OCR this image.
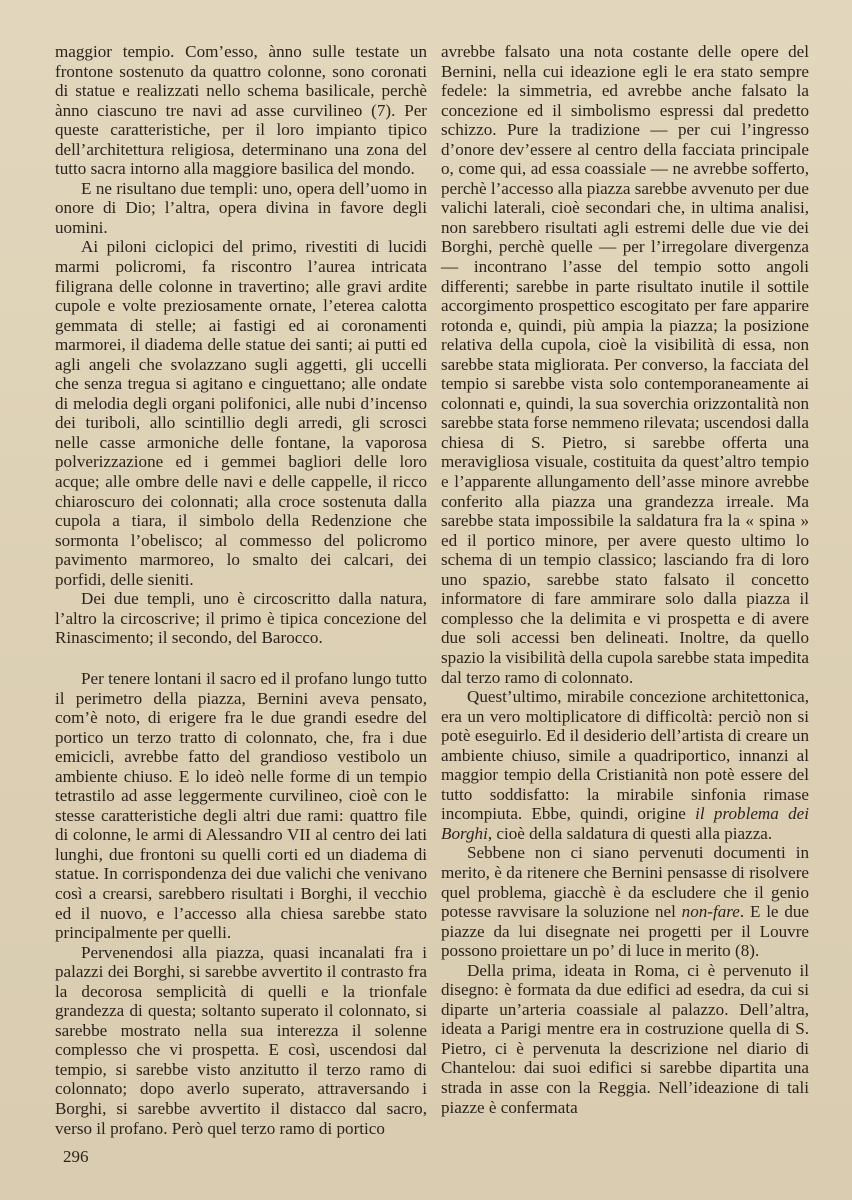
maggior tempio. Com’esso, ànno sulle testate un frontone sostenuto da quattro colonne, sono coronati di statue e realizzati nello schema basilicale, perchè ànno ciascuno tre navi ad asse curvilineo (7). Per queste caratteristiche, per il loro impianto tipico dell’architettura religiosa, determinano una zona del tutto sacra intorno alla maggiore basilica del mondo.

E ne risultano due templi: uno, opera dell’uomo in onore di Dio; l’altra, opera divina in favore degli uomini.

Ai piloni ciclopici del primo, rivestiti di lucidi marmi policromi, fa riscontro l’aurea intricata filigrana delle colonne in travertino; alle gravi ardite cupole e volte preziosamente ornate, l’eterea calotta gemmata di stelle; ai fastigi ed ai coronamenti marmorei, il diadema delle statue dei santi; ai putti ed agli angeli che svolazzano sugli aggetti, gli uccelli che senza tregua si agitano e cinguettano; alle ondate di melodia degli organi polifonici, alle nubi d’incenso dei turiboli, allo scintillio degli arredi, gli scrosci nelle casse armoniche delle fontane, la vaporosa polverizzazione ed i gemmei bagliori delle loro acque; alle ombre delle navi e delle cappelle, il ricco chiaroscuro dei colonnati; alla croce sostenuta dalla cupola a tiara, il simbolo della Redenzione che sormonta l’obelisco; al commesso del policromo pavimento marmoreo, lo smalto dei calcari, dei porfidi, delle sieniti.

Dei due templi, uno è circoscritto dalla natura, l’altro la circoscrive; il primo è tipica concezione del Rinascimento; il secondo, del Barocco.

Per tenere lontani il sacro ed il profano lungo tutto il perimetro della piazza, Bernini aveva pensato, com’è noto, di erigere fra le due grandi esedre del portico un terzo tratto di colonnato, che, fra i due emicicli, avrebbe fatto del grandioso vestibolo un ambiente chiuso. E lo ideò nelle forme di un tempio tetrastilo ad asse leggermente curvilineo, cioè con le stesse caratteristiche degli altri due rami: quattro file di colonne, le armi di Alessandro VII al centro dei lati lunghi, due frontoni su quelli corti ed un diadema di statue. In corrispondenza dei due valichi che venivano così a crearsi, sarebbero risultati i Borghi, il vecchio ed il nuovo, e l’accesso alla chiesa sarebbe stato principalmente per quelli.

Pervenendosi alla piazza, quasi incanalati fra i palazzi dei Borghi, si sarebbe avvertito il contrasto fra la decorosa semplicità di quelli e la trionfale grandezza di questa; soltanto superato il colonnato, si sarebbe mostrato nella sua interezza il solenne complesso che vi prospetta. E così, uscendosi dal tempio, si sarebbe visto anzitutto il terzo ramo di colonnato; dopo averlo superato, attraversando i Borghi, si sarebbe avvertito il distacco dal sacro, verso il profano. Però quel terzo ramo di portico

avrebbe falsato una nota costante delle opere del Bernini, nella cui ideazione egli le era stato sempre fedele: la simmetria, ed avrebbe anche falsato la concezione ed il simbolismo espressi dal predetto schizzo. Pure la tradizione — per cui l’ingresso d’onore dev’essere al centro della facciata principale o, come qui, ad essa coassiale — ne avrebbe sofferto, perchè l’accesso alla piazza sarebbe avvenuto per due valichi laterali, cioè secondari che, in ultima analisi, non sarebbero risultati agli estremi delle due vie dei Borghi, perchè quelle — per l’irregolare divergenza — incontrano l’asse del tempio sotto angoli differenti; sarebbe in parte risultato inutile il sottile accorgimento prospettico escogitato per fare apparire rotonda e, quindi, più ampia la piazza; la posizione relativa della cupola, cioè la visibilità di essa, non sarebbe stata migliorata. Per converso, la facciata del tempio si sarebbe vista solo contemporaneamente ai colonnati e, quindi, la sua soverchia orizzontalità non sarebbe stata forse nemmeno rilevata; uscendosi dalla chiesa di S. Pietro, si sarebbe offerta una meravigliosa visuale, costituita da quest’altro tempio e l’apparente allungamento dell’asse minore avrebbe conferito alla piazza una grandezza irreale. Ma sarebbe stata impossibile la saldatura fra la « spina » ed il portico minore, per avere questo ultimo lo schema di un tempio classico; lasciando fra di loro uno spazio, sarebbe stato falsato il concetto informatore di fare ammirare solo dalla piazza il complesso che la delimita e vi prospetta e di avere due soli accessi ben delineati. Inoltre, da quello spazio la visibilità della cupola sarebbe stata impedita dal terzo ramo di colonnato.

Quest’ultimo, mirabile concezione architettonica, era un vero moltiplicatore di difficoltà: perciò non si potè eseguirlo. Ed il desiderio dell’artista di creare un ambiente chiuso, simile a quadriportico, innanzi al maggior tempio della Cristianità non potè essere del tutto soddisfatto: la mirabile sinfonia rimase incompiuta. Ebbe, quindi, origine il problema dei Borghi, cioè della saldatura di questi alla piazza.

Sebbene non ci siano pervenuti documenti in merito, è da ritenere che Bernini pensasse di risolvere quel problema, giacchè è da escludere che il genio potesse ravvisare la soluzione nel non-fare. E le due piazze da lui disegnate nei progetti per il Louvre possono proiettare un po’ di luce in merito (8).

Della prima, ideata in Roma, ci è pervenuto il disegno: è formata da due edifici ad esedra, da cui si diparte un’arteria coassiale al palazzo. Dell’altra, ideata a Parigi mentre era in costruzione quella di S. Pietro, ci è pervenuta la descrizione nel diario di Chantelou: dai suoi edifici si sarebbe dipartita una strada in asse con la Reggia. Nell’ideazione di tali piazze è confermata

296
